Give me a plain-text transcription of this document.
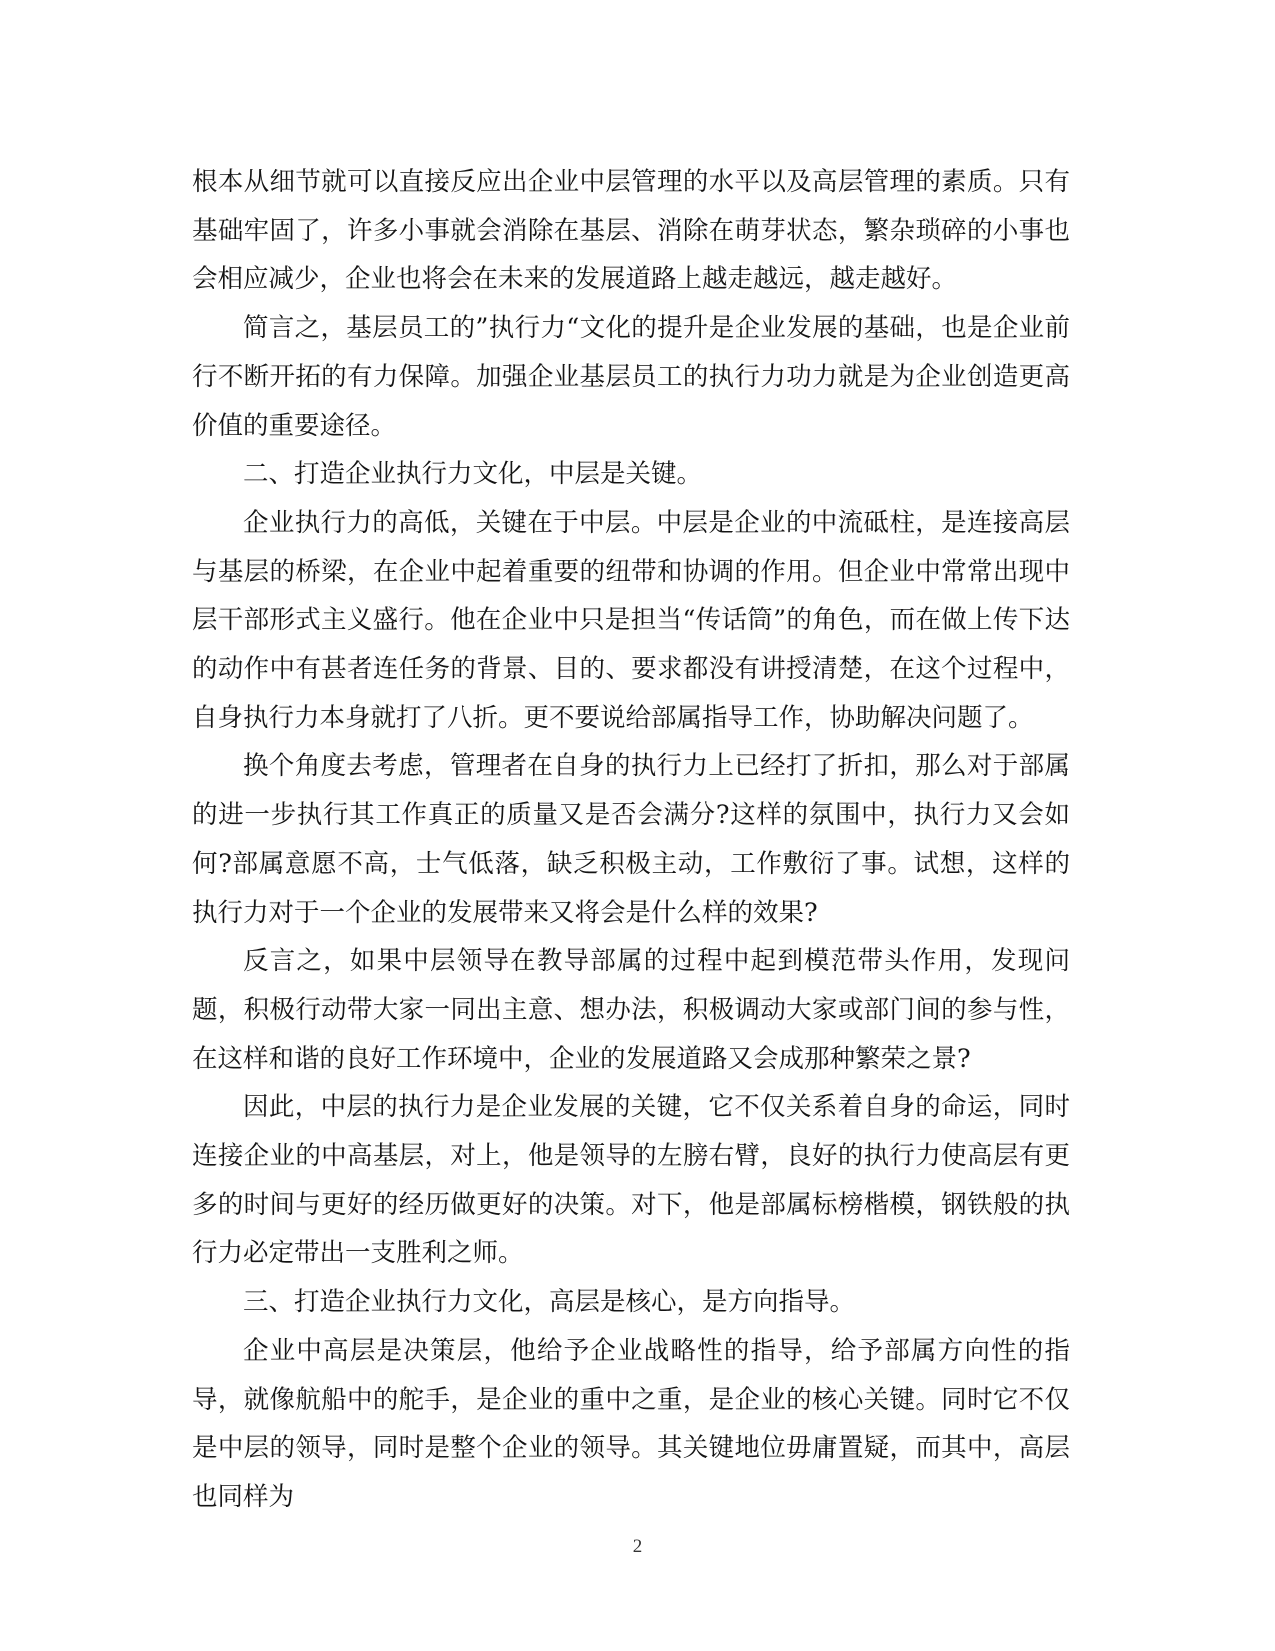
根本从细节就可以直接反应出企业中层管理的水平以及高层管理的素质。只有基础牢固了，许多小事就会消除在基层、消除在萌芽状态，繁杂琐碎的小事也会相应减少，企业也将会在未来的发展道路上越走越远，越走越好。

简言之，基层员工的”执行力“文化的提升是企业发展的基础，也是企业前行不断开拓的有力保障。加强企业基层员工的执行力功力就是为企业创造更高价值的重要途径。

二、打造企业执行力文化，中层是关键。

企业执行力的高低，关键在于中层。中层是企业的中流砥柱，是连接高层与基层的桥梁，在企业中起着重要的纽带和协调的作用。但企业中常常出现中层干部形式主义盛行。他在企业中只是担当“传话筒”的角色，而在做上传下达的动作中有甚者连任务的背景、目的、要求都没有讲授清楚，在这个过程中，自身执行力本身就打了八折。更不要说给部属指导工作，协助解决问题了。

换个角度去考虑，管理者在自身的执行力上已经打了折扣，那么对于部属的进一步执行其工作真正的质量又是否会满分?这样的氛围中，执行力又会如何?部属意愿不高，士气低落，缺乏积极主动，工作敷衍了事。试想，这样的执行力对于一个企业的发展带来又将会是什么样的效果?

反言之，如果中层领导在教导部属的过程中起到模范带头作用，发现问题，积极行动带大家一同出主意、想办法，积极调动大家或部门间的参与性，在这样和谐的良好工作环境中，企业的发展道路又会成那种繁荣之景?

因此，中层的执行力是企业发展的关键，它不仅关系着自身的命运，同时连接企业的中高基层，对上，他是领导的左膀右臂，良好的执行力使高层有更多的时间与更好的经历做更好的决策。对下，他是部属标榜楷模，钢铁般的执行力必定带出一支胜利之师。

三、打造企业执行力文化，高层是核心，是方向指导。

企业中高层是决策层，他给予企业战略性的指导，给予部属方向性的指导，就像航船中的舵手，是企业的重中之重，是企业的核心关键。同时它不仅是中层的领导，同时是整个企业的领导。其关键地位毋庸置疑，而其中，高层也同样为

2
